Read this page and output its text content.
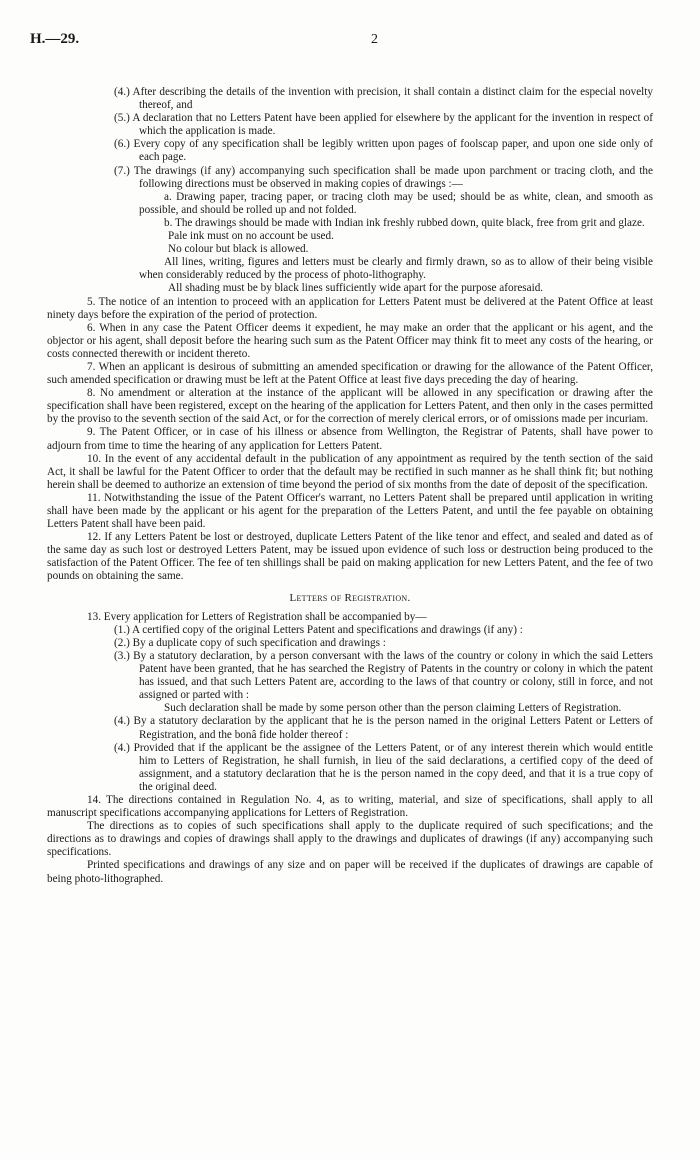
H.—29.	2

(4.) After describing the details of the invention with precision, it shall contain a distinct claim for the especial novelty thereof, and

(5.) A declaration that no Letters Patent have been applied for elsewhere by the applicant for the invention in respect of which the application is made.

(6.) Every copy of any specification shall be legibly written upon pages of foolscap paper, and upon one side only of each page.

(7.) The drawings (if any) accompanying such specification shall be made upon parchment or tracing cloth, and the following directions must be observed in making copies of drawings :—

a. Drawing paper, tracing paper, or tracing cloth may be used; should be as white, clean, and smooth as possible, and should be rolled up and not folded.

b. The drawings should be made with Indian ink freshly rubbed down, quite black, free from grit and glaze.

Pale ink must on no account be used.

No colour but black is allowed.

All lines, writing, figures and letters must be clearly and firmly drawn, so as to allow of their being visible when considerably reduced by the process of photo-lithography.

All shading must be by black lines sufficiently wide apart for the purpose aforesaid.

5. The notice of an intention to proceed with an application for Letters Patent must be delivered at the Patent Office at least ninety days before the expiration of the period of protection.

6. When in any case the Patent Officer deems it expedient, he may make an order that the applicant or his agent, and the objector or his agent, shall deposit before the hearing such sum as the Patent Officer may think fit to meet any costs of the hearing, or costs connected therewith or incident thereto.

7. When an applicant is desirous of submitting an amended specification or drawing for the allowance of the Patent Officer, such amended specification or drawing must be left at the Patent Office at least five days preceding the day of hearing.

8. No amendment or alteration at the instance of the applicant will be allowed in any specification or drawing after the specification shall have been registered, except on the hearing of the application for Letters Patent, and then only in the cases permitted by the proviso to the seventh section of the said Act, or for the correction of merely clerical errors, or of omissions made per incuriam.

9. The Patent Officer, or in case of his illness or absence from Wellington, the Registrar of Patents, shall have power to adjourn from time to time the hearing of any application for Letters Patent.

10. In the event of any accidental default in the publication of any appointment as required by the tenth section of the said Act, it shall be lawful for the Patent Officer to order that the default may be rectified in such manner as he shall think fit; but nothing herein shall be deemed to authorize an extension of time beyond the period of six months from the date of deposit of the specification.

11. Notwithstanding the issue of the Patent Officer's warrant, no Letters Patent shall be prepared until application in writing shall have been made by the applicant or his agent for the preparation of the Letters Patent, and until the fee payable on obtaining Letters Patent shall have been paid.

12. If any Letters Patent be lost or destroyed, duplicate Letters Patent of the like tenor and effect, and sealed and dated as of the same day as such lost or destroyed Letters Patent, may be issued upon evidence of such loss or destruction being produced to the satisfaction of the Patent Officer. The fee of ten shillings shall be paid on making application for new Letters Patent, and the fee of two pounds on obtaining the same.

Letters of Registration.

13. Every application for Letters of Registration shall be accompanied by—

(1.) A certified copy of the original Letters Patent and specifications and drawings (if any) :

(2.) By a duplicate copy of such specification and drawings :

(3.) By a statutory declaration, by a person conversant with the laws of the country or colony in which the said Letters Patent have been granted, that he has searched the Registry of Patents in the country or colony in which the patent has issued, and that such Letters Patent are, according to the laws of that country or colony, still in force, and not assigned or parted with :

Such declaration shall be made by some person other than the person claiming Letters of Registration.

(4.) By a statutory declaration by the applicant that he is the person named in the original Letters Patent or Letters of Registration, and the bonâ fide holder thereof :

(4.) Provided that if the applicant be the assignee of the Letters Patent, or of any interest therein which would entitle him to Letters of Registration, he shall furnish, in lieu of the said declarations, a certified copy of the deed of assignment, and a statutory declaration that he is the person named in the copy deed, and that it is a true copy of the original deed.

14. The directions contained in Regulation No. 4, as to writing, material, and size of specifications, shall apply to all manuscript specifications accompanying applications for Letters of Registration.

The directions as to copies of such specifications shall apply to the duplicate required of such specifications; and the directions as to drawings and copies of drawings shall apply to the drawings and duplicates of drawings (if any) accompanying such specifications.

Printed specifications and drawings of any size and on paper will be received if the duplicates of drawings are capable of being photo-lithographed.
